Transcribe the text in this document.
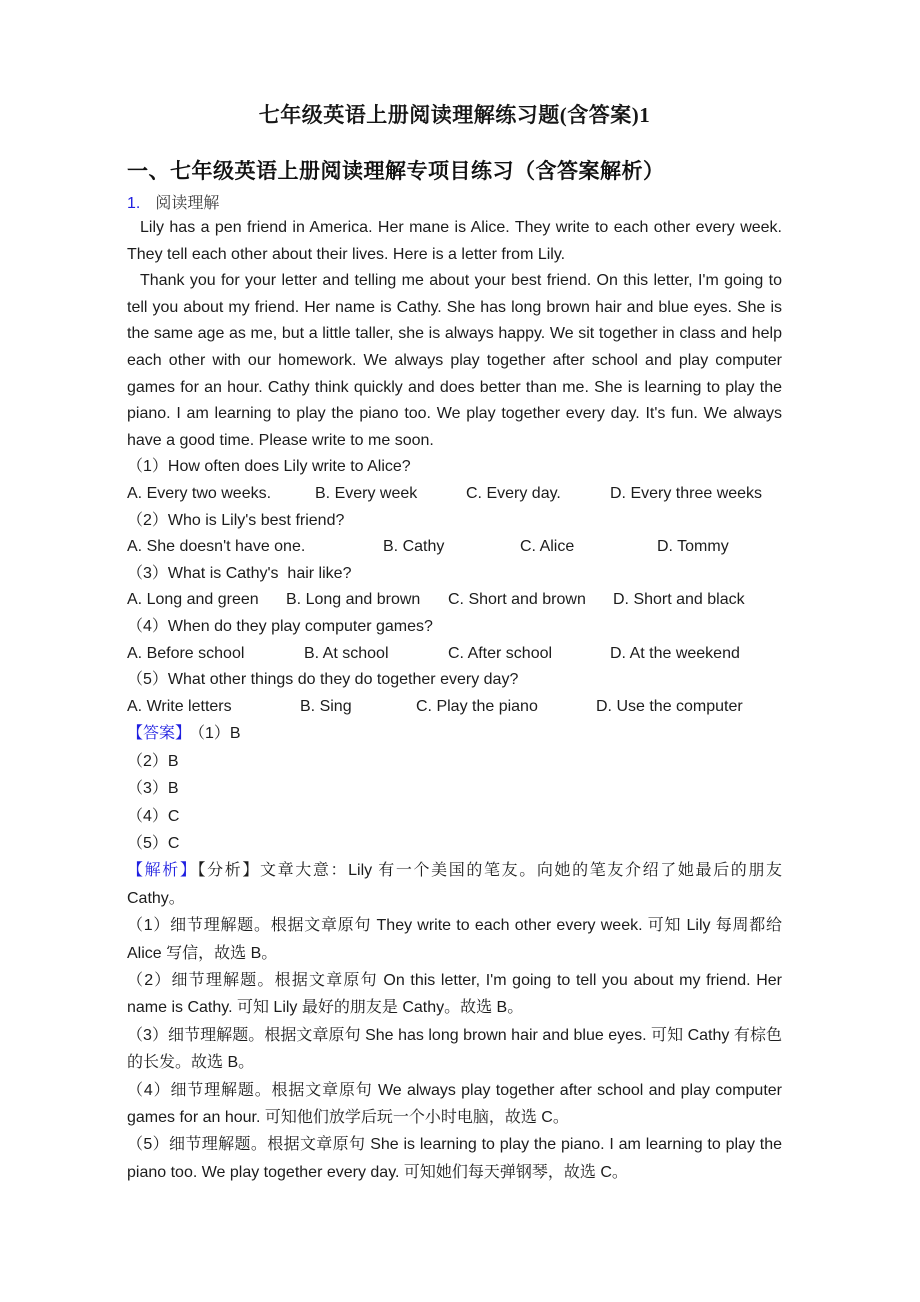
七年级英语上册阅读理解练习题(含答案)1
一、七年级英语上册阅读理解专项目练习（含答案解析）
1. 阅读理解

Lily has a pen friend in America. Her mane is Alice. They write to each other every week. They tell each other about their lives. Here is a letter from Lily.

Thank you for your letter and telling me about your best friend. On this letter, I'm going to tell you about my friend. Her name is Cathy. She has long brown hair and blue eyes. She is the same age as me, but a little taller, she is always happy. We sit together in class and help each other with our homework. We always play together after school and play computer games for an hour. Cathy think quickly and does better than me. She is learning to play the piano. I am learning to play the piano too. We play together every day. It's fun. We always have a good time. Please write to me soon.

（1）How often does Lily write to Alice?

A. Every two weeks.	B. Every week	C. Every day.	D. Every three weeks

（2）Who is Lily's best friend?

A. She doesn't have one.	B. Cathy	C. Alice	D. Tommy

（3）What is Cathy's  hair like?

A. Long and green	B. Long and brown	C. Short and brown	D. Short and black

（4）When do they play computer games?

A. Before school	B. At school	C. After school	D. At the weekend

（5）What other things do they do together every day?

A. Write letters	B. Sing	C. Play the piano	D. Use the computer

【答案】 （1）B

（2）B

（3）B

（4）C

（5）C

【解析】【分析】文章大意：Lily 有一个美国的笔友。向她的笔友介绍了她最后的朋友 Cathy。

（1）细节理解题。根据文章原句 They write to each other every week. 可知 Lily 每周都给 Alice 写信，故选 B。

（2）细节理解题。根据文章原句 On this letter, I'm going to tell you about my friend. Her name is Cathy. 可知 Lily 最好的朋友是 Cathy。故选 B。

（3）细节理解题。根据文章原句 She has long brown hair and blue eyes. 可知 Cathy 有棕色的长发。故选 B。

（4）细节理解题。根据文章原句 We always play together after school and play computer games for an hour. 可知他们放学后玩一个小时电脑，故选 C。

（5）细节理解题。根据文章原句 She is learning to play the piano. I am learning to play the piano too. We play together every day. 可知她们每天弹钢琴，故选 C。
